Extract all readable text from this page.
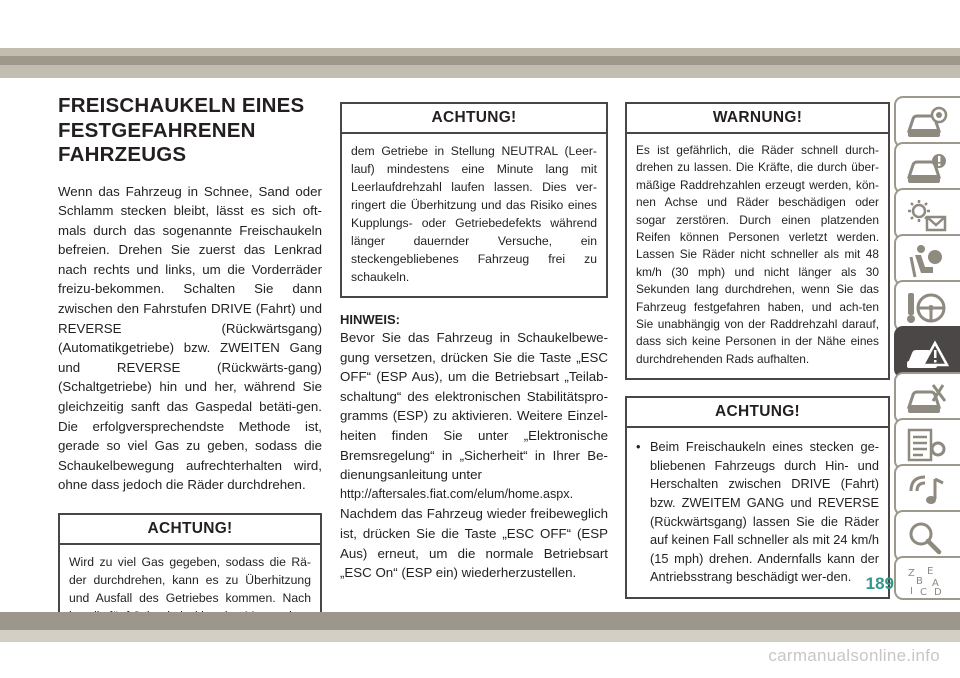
FREISCHAUKELN EINES FESTGEFAHRENEN FAHRZEUGS

Wenn das Fahrzeug in Schnee, Sand oder Schlamm stecken bleibt, lässt es sich oft-mals durch das sogenannte Freischaukeln befreien. Drehen Sie zuerst das Lenkrad nach rechts und links, um die Vorderräder freizu-bekommen. Schalten Sie dann zwischen den Fahrstufen DRIVE (Fahrt) und REVERSE (Rückwärtsgang) (Automatikgetriebe) bzw. ZWEITEN Gang und REVERSE (Rückwärts-gang) (Schaltgetriebe) hin und her, während Sie gleichzeitig sanft das Gaspedal betäti-gen. Die erfolgversprechendste Methode ist, gerade so viel Gas zu geben, sodass die Schaukelbewegung aufrechterhalten wird, ohne dass jedoch die Räder durchdrehen.

ACHTUNG!
Wird zu viel Gas gegeben, sodass die Rä-der durchdrehen, kann es zu Überhitzung und Ausfall des Getriebes kommen. Nach
ACHTUNG!
dem Getriebe in Stellung NEUTRAL (Leer-lauf) mindestens eine Minute lang mit Leerlaufdrehzahl laufen lassen. Dies ver-ringert die Überhitzung und das Risiko eines Kupplungs- oder Getriebedefekts während länger dauernder Versuche, ein steckengebliebenes Fahrzeug frei zu schaukeln.
HINWEIS:

Bevor Sie das Fahrzeug in Schaukelbewe-gung versetzen, drücken Sie die Taste „ESC OFF“ (ESP Aus), um die Betriebsart „Teilab-schaltung“ des elektronischen Stabilitätspro-gramms (ESP) zu aktivieren. Weitere Einzel-heiten finden Sie unter „Elektronische Bremsregelung“ in „Sicherheit“ in Ihrer Be-dienungsanleitung unter

http://aftersales.fiat.com/elum/home.aspx.

Nachdem das Fahrzeug wieder freibeweglich ist, drücken Sie die Taste „ESC OFF“ (ESP Aus) erneut, um die normale Betriebsart „ESC On“ (ESP ein) wiederherzustellen.

WARNUNG!
Es ist gefährlich, die Räder schnell durch-drehen zu lassen. Die Kräfte, die durch über-mäßige Raddrehzahlen erzeugt werden, kön-nen Achse und Räder beschädigen oder sogar zerstören. Durch einen platzenden Reifen können Personen verletzt werden. Lassen Sie Räder nicht schneller als mit 48 km/h (30 mph) und nicht länger als 30 Sekunden lang durchdrehen, wenn Sie das Fahrzeug festgefahren haben, und ach-ten Sie unabhängig von der Raddrehzahl darauf, dass sich keine Personen in der Nähe eines durchdrehenden Rads aufhalten.
ACHTUNG!
• Beim Freischaukeln eines stecken ge-bliebenen Fahrzeugs durch Hin- und Herschalten zwischen DRIVE (Fahrt) bzw. ZWEITEM GANG und REVERSE (Rückwärtsgang) lassen Sie die Räder auf keinen Fall schneller als mit 24 km/h (15 mph) drehen. Andernfalls kann der Antriebsstrang beschädigt wer-den.	Z E
B A
I C D
189
carmanualsonline.info
